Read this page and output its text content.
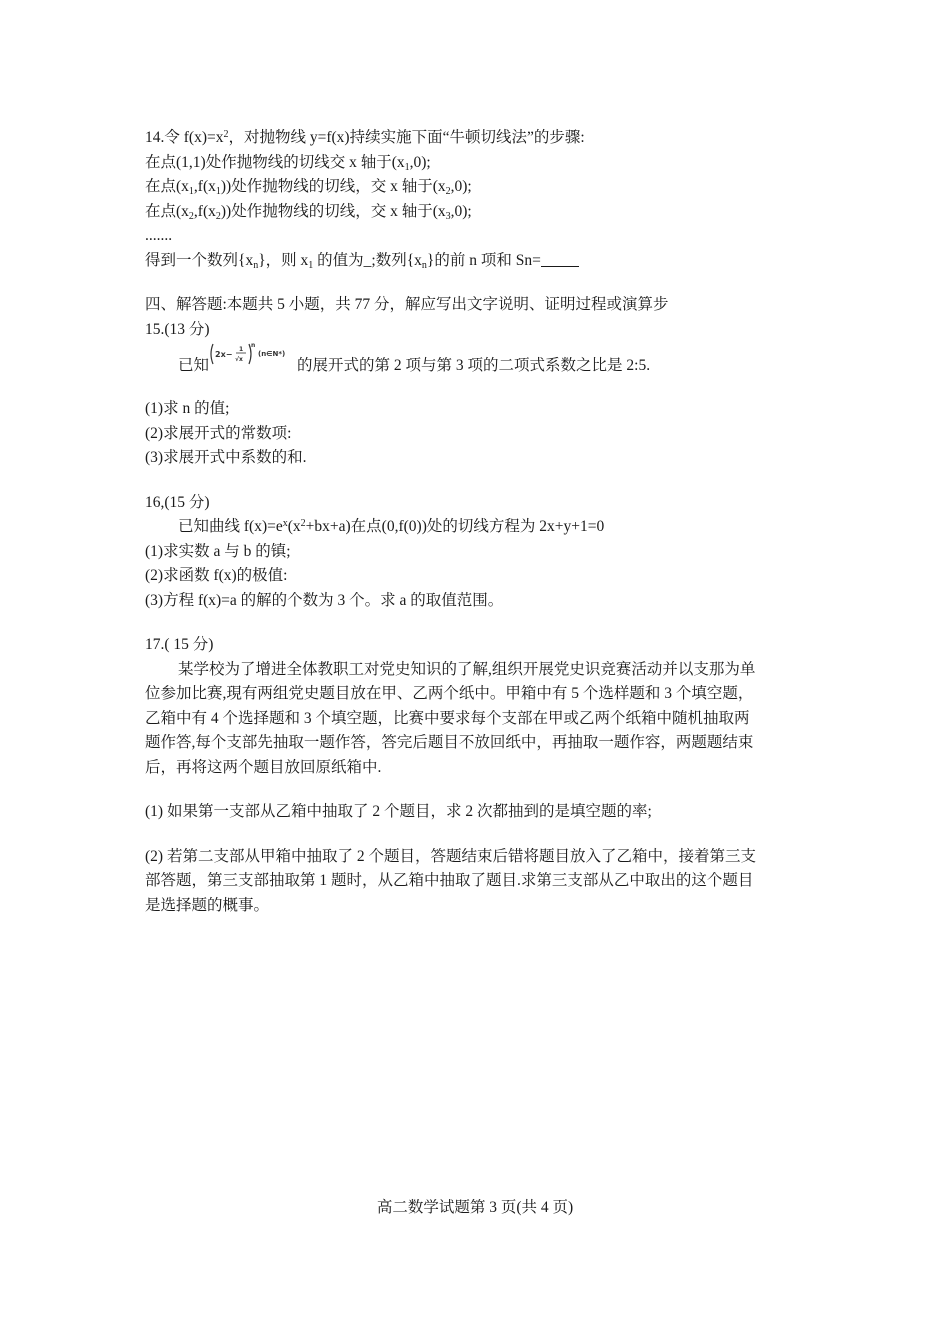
14.令 $f(x)=x^2$，对抛物线 y=f(x)持续实施下面“牛顿切线法”的步骤:
在点(1,1)处作抛物线的切线交 x 轴于$(x_1,0)$;
在点$(x_1,f(x_1))$处作抛物线的切线，交 x 轴于$(x_2,0)$;
在点$(x_2,f(x_2))$处作抛物线的切线，交 x 轴于$(x_3,0)$;
.......
得到一个数列$\{x_n\}$，则 $x_1$ 的值为_;数列$\{x_n\}$的前 n 项和 Sn=
四、解答题:本题共 5 小题，共 77 分，解应写出文字说明、证明过程或演算步
15.(13 分)
已知
2x−
1
√x
n
(n∈N*)
的展开式的第 2 项与第 3 项的二项式系数之比是 2:5.
(1)求 n 的值;
(2)求展开式的常数项:
(3)求展开式中系数的和.
16,(15 分)
已知曲线 $f(x)=e^x(x^2+bx+a)$在点(0,f(0))处的切线方程为 2x+y+1=0
(1)求实数 a 与 b 的镇;
(2)求函数 f(x)的极值:
(3)方程 f(x)=a 的解的个数为 3 个。求 a 的取值范围。
17.( 15 分)
某学校为了增进全体教职工对党史知识的了解,组织开展党史识竞赛活动并以支那为单
位参加比赛,現有两组党史题目放在甲、乙两个纸中。甲箱中有 5 个选样题和 3 个填空题，
乙箱中有 4 个选择题和 3 个填空题，比赛中要求每个支部在甲或乙两个纸箱中随机抽取两
题作答,每个支部先抽取一题作答，答完后题目不放回纸中，再抽取一题作容，两题题结束
后，再将这两个题目放回原纸箱中.
(1) 如果第一支部从乙箱中抽取了 2 个题目，求 2 次都抽到的是填空题的率;
(2) 若第二支部从甲箱中抽取了 2 个题目，答题结束后错将题目放入了乙箱中，接着第三支
部答题，第三支部抽取第 1 题时，从乙箱中抽取了题目.求第三支部从乙中取出的这个题目
是选择题的概事。
高二数学试题第 3 页(共 4 页)
